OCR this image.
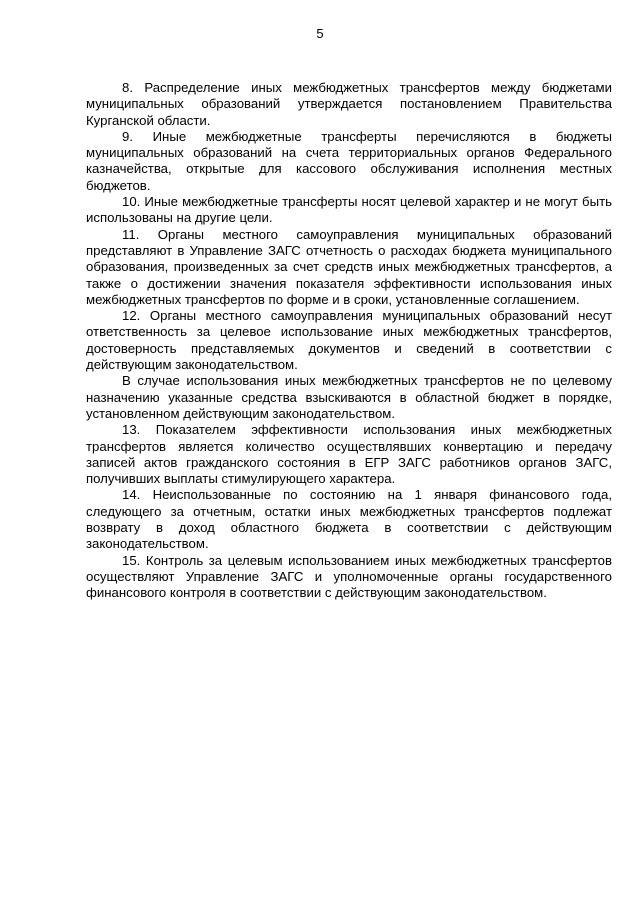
5

8. Распределение иных межбюджетных трансфертов между бюджетами муниципальных образований утверждается постановлением Правительства Курганской области.

9. Иные межбюджетные трансферты перечисляются в бюджеты муниципальных образований на счета территориальных органов Федерального казначейства, открытые для кассового обслуживания исполнения местных бюджетов.

10. Иные межбюджетные трансферты носят целевой характер и не могут быть использованы на другие цели.

11. Органы местного самоуправления муниципальных образований представляют в Управление ЗАГС отчетность о расходах бюджета муниципального образования, произведенных за счет средств иных межбюджетных трансфертов, а также о достижении значения показателя эффективности использования иных межбюджетных трансфертов по форме и в сроки, установленные соглашением.

12. Органы местного самоуправления муниципальных образований несут ответственность за целевое использование иных межбюджетных трансфертов, достоверность представляемых документов и сведений в соответствии с действующим законодательством.

В случае использования иных межбюджетных трансфертов не по целевому назначению указанные средства взыскиваются в областной бюджет в порядке, установленном действующим законодательством.

13. Показателем эффективности использования иных межбюджетных трансфертов является количество осуществлявших конвертацию и передачу записей актов гражданского состояния в ЕГР ЗАГС работников органов ЗАГС, получивших выплаты стимулирующего характера.

14. Неиспользованные по состоянию на 1 января финансового года, следующего за отчетным, остатки иных межбюджетных трансфертов подлежат возврату в доход областного бюджета в соответствии с действующим законодательством.

15. Контроль за целевым использованием иных межбюджетных трансфертов осуществляют Управление ЗАГС и уполномоченные органы государственного финансового контроля в соответствии с действующим законодательством.
